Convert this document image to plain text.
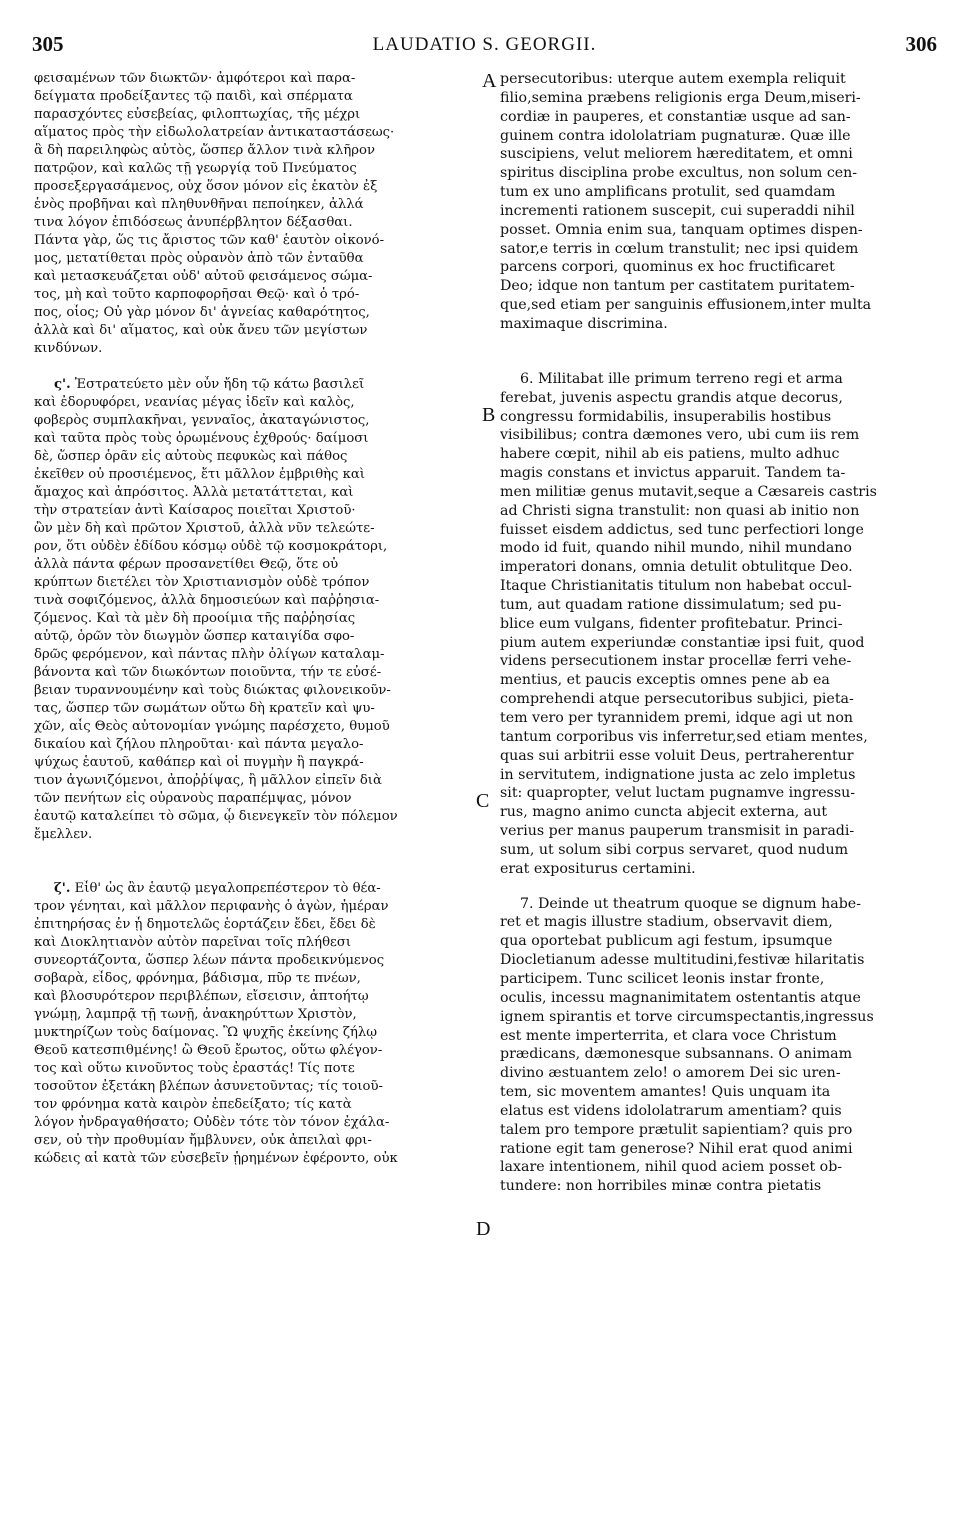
305	LAUDATIO S. GEORGII.	306
A
B
C
D
φεισαμένων τῶν διωκτῶν· ἀμφότεροι καὶ παρα-
δείγματα προδείξαντες τῷ παιδὶ, καὶ σπέρματα
παρασχόντες εὐσεβείας, φιλοπτωχίας, τῆς μέχρι
αἵματος πρὸς τὴν εἰδωλολατρείαν ἀντικαταστάσεως·
ἃ δὴ παρειληφὼς αὐτὸς, ὥσπερ ἄλλον τινὰ κλῆρον
πατρῷον, καὶ καλῶς τῇ γεωργίᾳ τοῦ Πνεύματος
προσεξεργασάμενος, οὐχ ὅσον μόνον εἰς ἑκατὸν ἐξ
ἑνὸς προβῆναι καὶ πληθυνθῆναι πεποίηκεν, ἀλλά
τινα λόγον ἐπιδόσεως ἀνυπέρβλητον δέξασθαι.
Πάντα γὰρ, ὥς τις ἄριστος τῶν καθ' ἑαυτὸν οἰκονό-
μος, μετατίθεται πρὸς οὐρανὸν ἀπὸ τῶν ἐνταῦθα
καὶ μετασκευάζεται οὐδ' αὐτοῦ φεισάμενος σώμα-
τος, μὴ καὶ τοῦτο καρποφορῆσαι Θεῷ· καὶ ὁ τρό-
πος, οἷος; Οὐ γὰρ μόνον δι' ἁγνείας καθαρότητος,
ἀλλὰ καὶ δι' αἵματος, καὶ οὐκ ἄνευ τῶν μεγίστων
κινδύνων.
ς'. Ἐστρατεύετο μὲν οὖν ἤδη τῷ κάτω βασιλεῖ
καὶ ἐδορυφόρει, νεανίας μέγας ἰδεῖν καὶ καλὸς,
φοβερὸς συμπλακῆναι, γενναῖος, ἀκαταγώνιστος,
καὶ ταῦτα πρὸς τοὺς ὁρωμένους ἐχθρούς· δαίμοσι
δὲ, ὥσπερ ὁρᾶν εἰς αὐτοὺς πεφυκὼς καὶ πάθος
ἐκεῖθεν οὐ προσιέμενος, ἔτι μᾶλλον ἐμβριθὴς καὶ
ἄμαχος καὶ ἀπρόσιτος. Ἀλλὰ μετατάττεται, καὶ
τὴν στρατείαν ἀντὶ Καίσαρος ποιεῖται Χριστοῦ·
ὢν μὲν δὴ καὶ πρῶτον Χριστοῦ, ἀλλὰ νῦν τελεώτε-
ρον, ὅτι οὐδὲν ἐδίδου κόσμῳ οὐδὲ τῷ κοσμοκράτορι,
ἀλλὰ πάντα φέρων προσανετίθει Θεῷ, ὅτε οὐ
κρύπτων διετέλει τὸν Χριστιανισμὸν οὐδὲ τρόπον
τινὰ σοφιζόμενος, ἀλλὰ δημοσιεύων καὶ παῤῥησια-
ζόμενος. Καὶ τὰ μὲν δὴ προοίμια τῆς παῤῥησίας
αὐτῷ, ὁρῶν τὸν διωγμὸν ὥσπερ καταιγίδα σφο-
δρῶς φερόμενον, καὶ πάντας πλὴν ὀλίγων καταλαμ-
βάνοντα καὶ τῶν διωκόντων ποιοῦντα, τήν τε εὐσέ-
βειαν τυραννουμένην καὶ τοὺς διώκτας φιλονεικοῦν-
τας, ὥσπερ τῶν σωμάτων οὕτω δὴ κρατεῖν καὶ ψυ-
χῶν, αἷς Θεὸς αὐτονομίαν γνώμης παρέσχετο, θυμοῦ
δικαίου καὶ ζήλου πληροῦται· καὶ πάντα μεγαλο-
ψύχως ἑαυτοῦ, καθάπερ καὶ οἱ πυγμὴν ἢ παγκρά-
τιον ἀγωνιζόμενοι, ἀποῤῥίψας, ἢ μᾶλλον εἰπεῖν διὰ
τῶν πενήτων εἰς οὐρανοὺς παραπέμψας, μόνον
ἑαυτῷ καταλείπει τὸ σῶμα, ᾧ διενεγκεῖν τὸν πόλεμον
ἔμελλεν.
ζ'. Εἶθ' ὡς ἂν ἑαυτῷ μεγαλοπρεπέστερον τὸ θέα-
τρον γένηται, καὶ μᾶλλον περιφανὴς ὁ ἀγὼν, ἡμέραν
ἐπιτηρήσας ἐν ᾗ δημοτελῶς ἑορτάζειν ἔδει, ἔδει δὲ
καὶ Διοκλητιανὸν αὐτὸν παρεῖναι τοῖς πλήθεσι
συνεορτάζοντα, ὥσπερ λέων πάντα προδεικνύμενος
σοβαρὰ, εἶδος, φρόνημα, βάδισμα, πῦρ τε πνέων,
καὶ βλοσυρότερον περιβλέπων, εἴσεισιν, ἀπτοήτῳ
γνώμῃ, λαμπρᾷ τῇ τωνῇ, ἀνακηρύττων Χριστὸν,
μυκτηρίζων τοὺς δαίμονας. Ὢ ψυχῆς ἐκείνης ζήλῳ
Θεοῦ κατεσπιθμένης! ὢ Θεοῦ ἔρωτος, οὕτω φλέγον-
τος καὶ οὕτω κινοῦντος τοὺς ἐραστάς! Τίς ποτε
τοσοῦτον ἐξετάκη βλέπων ἀσυνετοῦντας; τίς τοιοῦ-
τον φρόνημα κατὰ καιρὸν ἐπεδείξατο; τίς κατὰ
λόγον ἠνδραγαθήσατο; Οὐδὲν τότε τὸν τόνον ἐχάλα-
σεν, οὐ τὴν προθυμίαν ἤμβλυνεν, οὐκ ἀπειλαὶ φρι-
κώδεις αἱ κατὰ τῶν εὐσεβεῖν ᾑρημένων ἐφέροντο, οὐκ
persecutoribus: uterque autem exempla reliquit
filio,semina præbens religionis erga Deum,miseri-
cordiæ in pauperes, et constantiæ usque ad san-
guinem contra idololatriam pugnaturæ. Quæ ille
suscipiens, velut meliorem hæreditatem, et omni
spiritus disciplina probe excultus, non solum cen-
tum ex uno amplificans protulit, sed quamdam
incrementi rationem suscepit, cui superaddi nihil
posset. Omnia enim sua, tanquam optimes dispen-
sator,e terris in cœlum transtulit; nec ipsi quidem
parcens corpori, quominus ex hoc fructificaret
Deo; idque non tantum per castitatem puritatem-
que,sed etiam per sanguinis effusionem,inter multa
maximaque discrimina.
6. Militabat ille primum terreno regi et arma
ferebat, juvenis aspectu grandis atque decorus,
congressu formidabilis, insuperabilis hostibus
visibilibus; contra dæmones vero, ubi cum iis rem
habere cœpit, nihil ab eis patiens, multo adhuc
magis constans et invictus apparuit. Tandem ta-
men militiæ genus mutavit,seque a Cæsareis castris
ad Christi signa transtulit: non quasi ab initio non
fuisset eisdem addictus, sed tunc perfectiori longe
modo id fuit, quando nihil mundo, nihil mundano
imperatori donans, omnia detulit obtulitque Deo.
Itaque Christianitatis titulum non habebat occul-
tum, aut quadam ratione dissimulatum; sed pu-
blice eum vulgans, fidenter profitebatur. Princi-
pium autem experiundæ constantiæ ipsi fuit, quod
videns persecutionem instar procellæ ferri vehe-
mentius, et paucis exceptis omnes pene ab ea
comprehendi atque persecutoribus subjici, pieta-
tem vero per tyrannidem premi, idque agi ut non
tantum corporibus vis inferretur,sed etiam mentes,
quas sui arbitrii esse voluit Deus, pertraherentur
in servitutem, indignatione justa ac zelo impletus
sit: quapropter, velut luctam pugnamve ingressu-
rus, magno animo cuncta abjecit externa, aut
verius per manus pauperum transmisit in paradi-
sum, ut solum sibi corpus servaret, quod nudum
erat expositurus certamini.
7. Deinde ut theatrum quoque se dignum habe-
ret et magis illustre stadium, observavit diem,
qua oportebat publicum agi festum, ipsumque
Diocletianum adesse multitudini,festivæ hilaritatis
participem. Tunc scilicet leonis instar fronte,
oculis, incessu magnanimitatem ostentantis atque
ignem spirantis et torve circumspectantis,ingressus
est mente imperterrita, et clara voce Christum
prædicans, dæmonesque subsannans. O animam
divino æstuantem zelo! o amorem Dei sic uren-
tem, sic moventem amantes! Quis unquam ita
elatus est videns idololatrarum amentiam? quis
talem pro tempore prætulit sapientiam? quis pro
ratione egit tam generose? Nihil erat quod animi
laxare intentionem, nihil quod aciem posset ob-
tundere: non horribiles minæ contra pietatis
